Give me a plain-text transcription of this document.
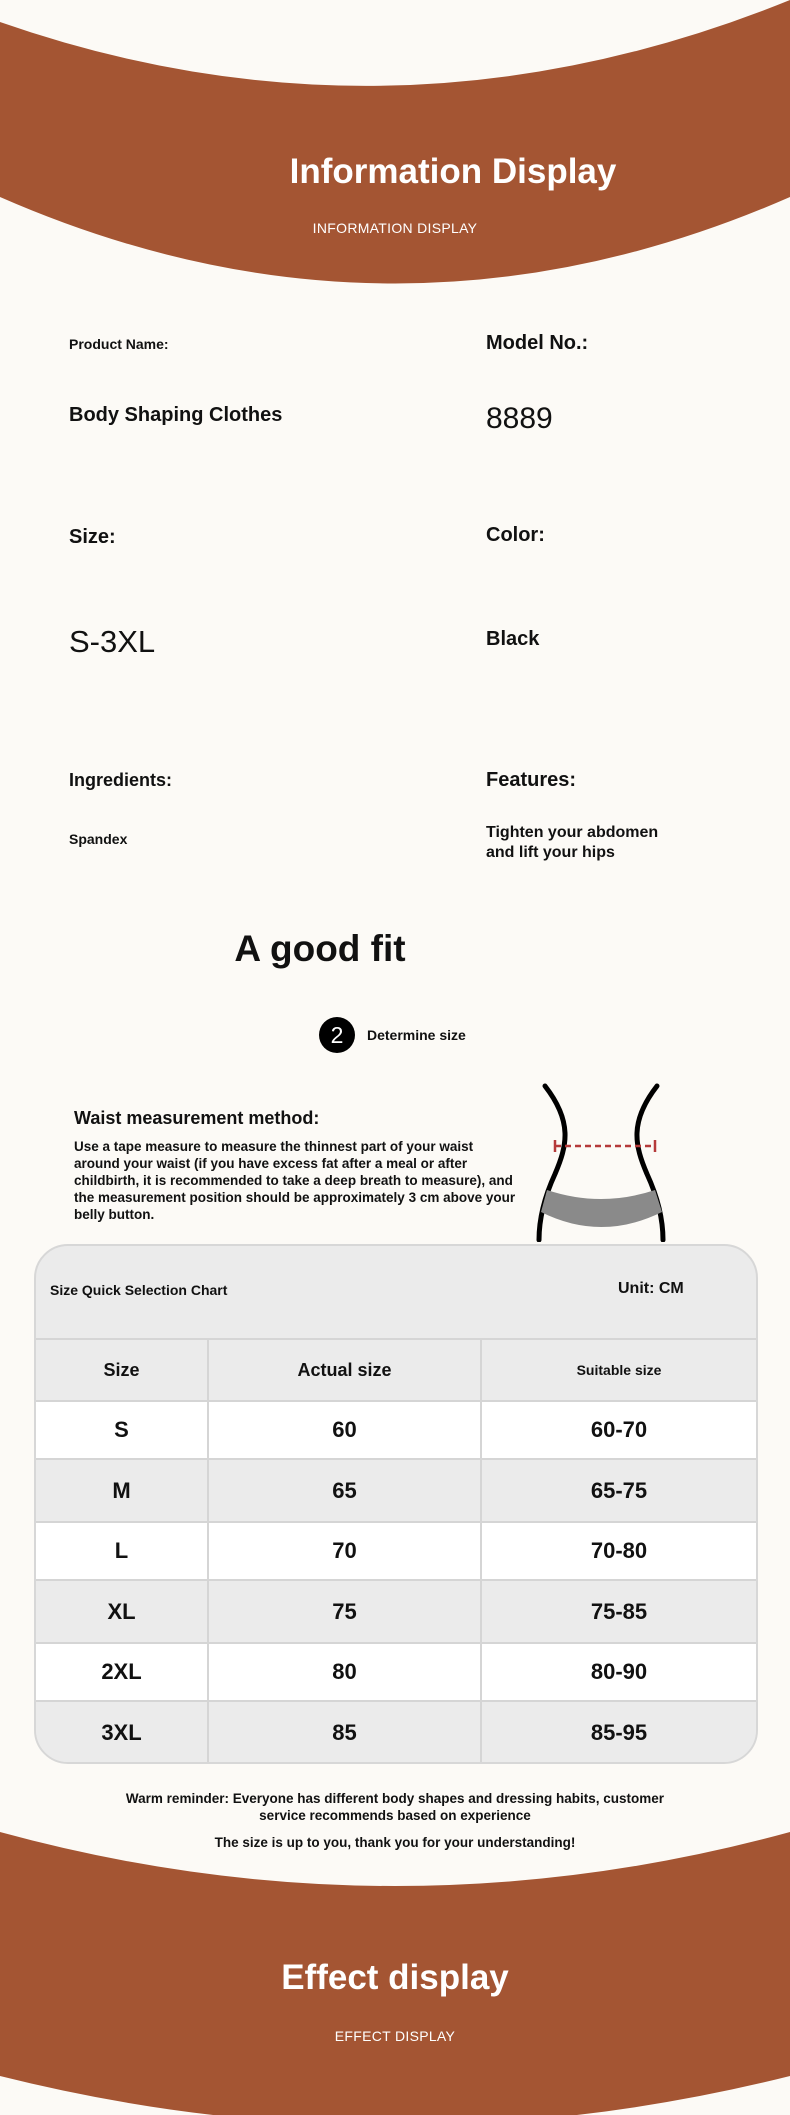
Information Display
INFORMATION DISPLAY
Product Name:
Body Shaping Clothes
Model No.:
8889
Size:
S-3XL
Color:
Black
Ingredients:
Spandex
Features:
Tighten your abdomen
and lift your hips
A good fit
2	Determine size
Waist measurement method:
Use a tape measure to measure the thinnest part of your waist around your waist (if you have excess fat after a meal or after childbirth, it is recommended to take a deep breath to measure), and the measurement position should be approximately 3 cm above your belly button.
Size Quick Selection Chart	Unit: CM
Size	Actual size	Suitable size
S	60	60-70
M	65	65-75
L	70	70-80
XL	75	75-85
2XL	80	80-90
3XL	85	85-95
Warm reminder: Everyone has different body shapes and dressing habits, customer
service recommends based on experience
The size is up to you, thank you for your understanding!
Effect display
EFFECT DISPLAY
